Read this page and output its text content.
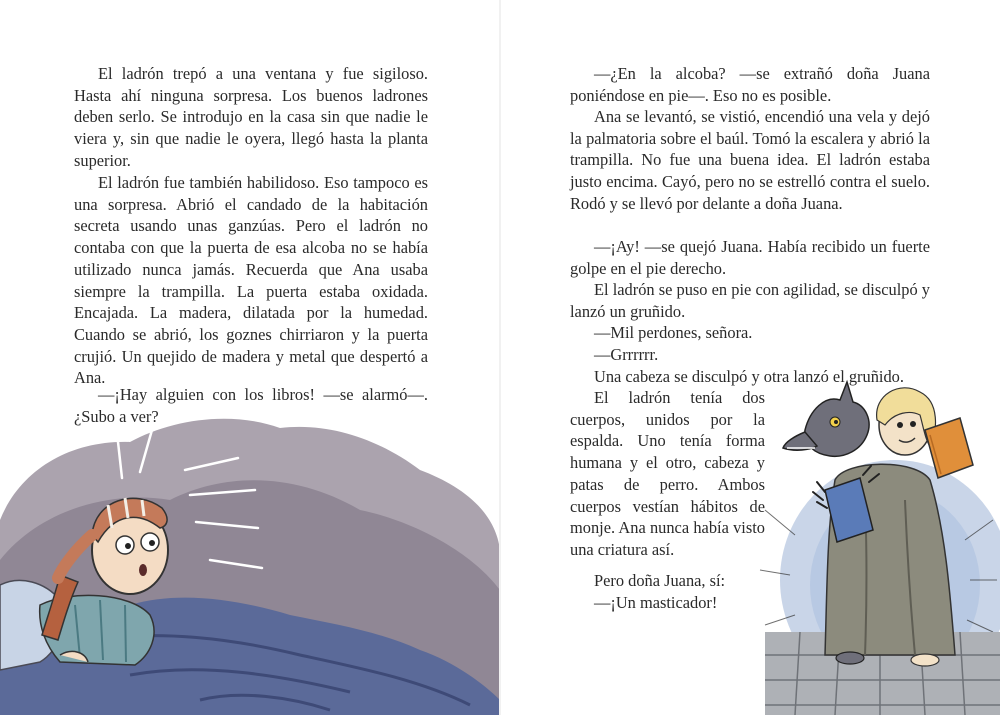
El ladrón trepó a una ventana y fue sigiloso. Hasta ahí ninguna sorpresa. Los buenos ladrones deben serlo. Se introdujo en la casa sin que nadie le viera y, sin que nadie le oyera, llegó hasta la planta superior.

El ladrón fue también habilidoso. Eso tampoco es una sorpresa. Abrió el candado de la habitación secreta usando unas ganzúas. Pero el ladrón no contaba con que la puerta de esa alcoba no se había utilizado nunca jamás. Recuerda que Ana usaba siempre la trampilla. La puerta estaba oxidada. Encajada. La madera, dilatada por la humedad. Cuando se abrió, los goznes chirriaron y la puerta crujió. Un quejido de madera y metal que despertó a Ana.

—¡Hay alguien con los libros! —se alarmó—. ¿Subo a ver?

—¿En la alcoba? —se extrañó doña Juana poniéndose en pie—. Eso no es posible.

Ana se levantó, se vistió, encendió una vela y dejó la palmatoria sobre el baúl. Tomó la escalera y abrió la trampilla. No fue una buena idea. El ladrón estaba justo encima. Cayó, pero no se estrelló contra el suelo. Rodó y se llevó por delante a doña Juana.

—¡Ay! —se quejó Juana. Había recibido un fuerte golpe en el pie derecho.

El ladrón se puso en pie con agilidad, se disculpó y lanzó un gruñido.

—Mil perdones, señora.

—Grrrrrr.

Una cabeza se disculpó y otra lanzó el gruñido.

El ladrón tenía dos cuerpos, unidos por la espalda. Uno tenía forma humana y el otro, cabeza y patas de perro. Ambos cuerpos vestían hábitos de monje. Ana nunca había visto una criatura así.

Pero doña Juana, sí:

—¡Un masticador!
